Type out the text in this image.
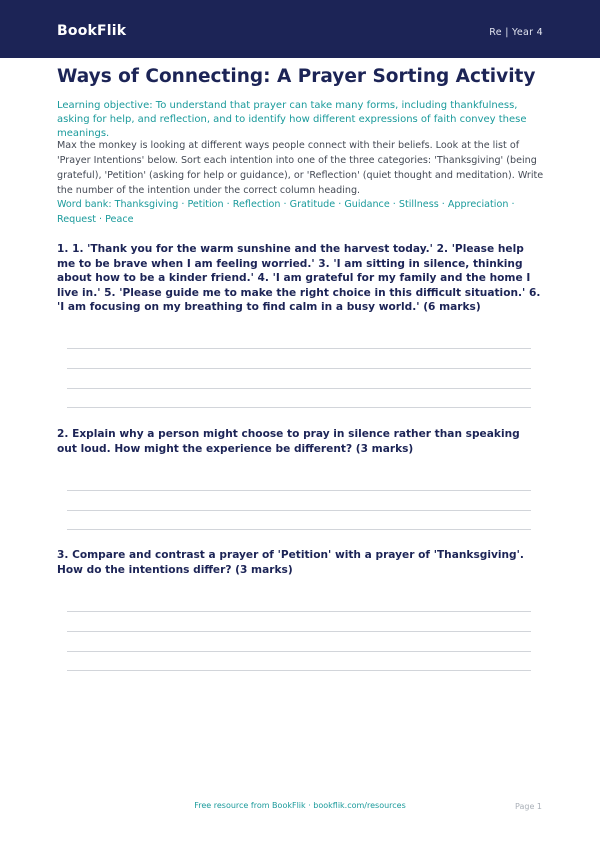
BookFlik	Re | Year 4
Ways of Connecting: A Prayer Sorting Activity
Learning objective: To understand that prayer can take many forms, including thankfulness, asking for help, and reflection, and to identify how different expressions of faith convey these meanings.
Max the monkey is looking at different ways people connect with their beliefs. Look at the list of 'Prayer Intentions' below. Sort each intention into one of the three categories: 'Thanksgiving' (being grateful), 'Petition' (asking for help or guidance), or 'Reflection' (quiet thought and meditation). Write the number of the intention under the correct column heading.
Word bank: Thanksgiving · Petition · Reflection · Gratitude · Guidance · Stillness · Appreciation · Request · Peace
1. 1. 'Thank you for the warm sunshine and the harvest today.' 2. 'Please help me to be brave when I am feeling worried.' 3. 'I am sitting in silence, thinking about how to be a kinder friend.' 4. 'I am grateful for my family and the home I live in.' 5. 'Please guide me to make the right choice in this difficult situation.' 6. 'I am focusing on my breathing to find calm in a busy world.' (6 marks)
2. Explain why a person might choose to pray in silence rather than speaking out loud. How might the experience be different? (3 marks)
3. Compare and contrast a prayer of 'Petition' with a prayer of 'Thanksgiving'. How do the intentions differ? (3 marks)
Free resource from BookFlik · bookflik.com/resources	Page 1
